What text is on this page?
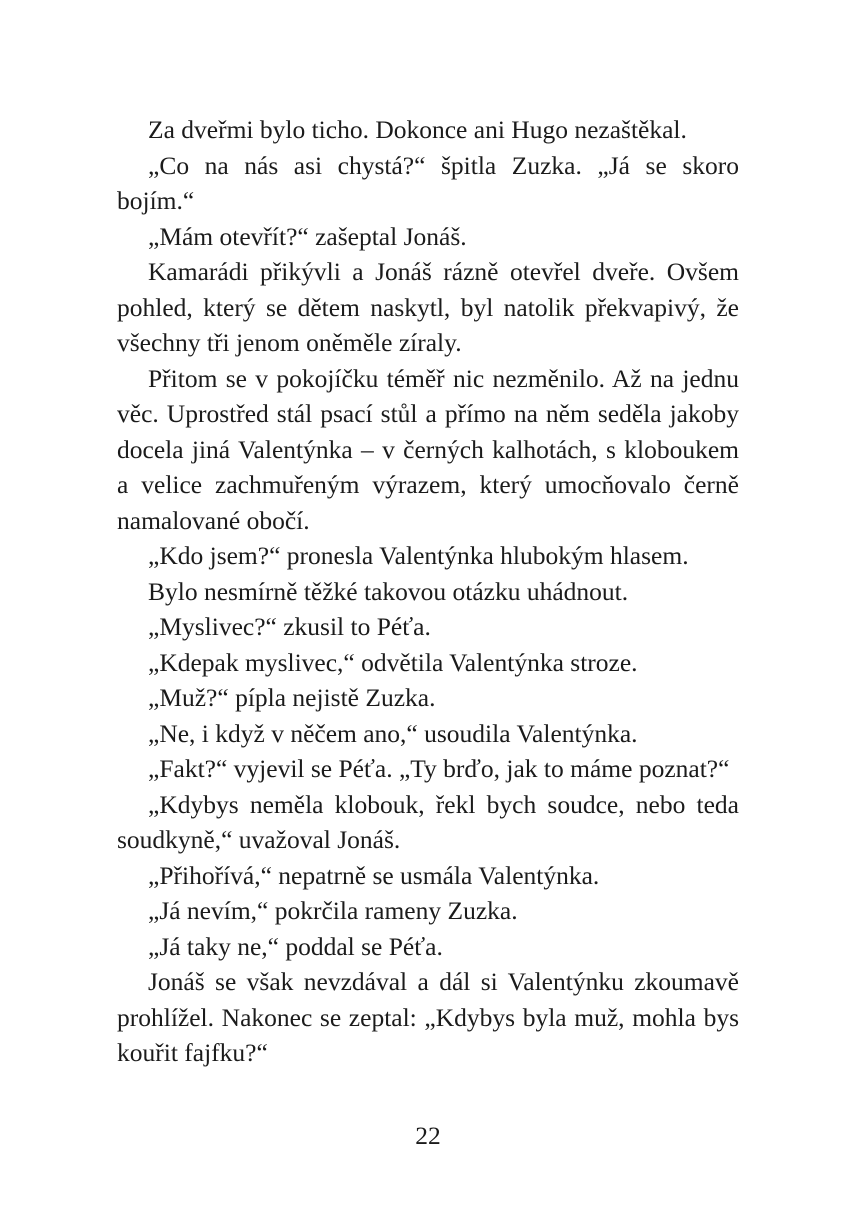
Za dveřmi bylo ticho. Dokonce ani Hugo nezaštěkal.

„Co na nás asi chystá?“ špitla Zuzka. „Já se skoro bojím.“

„Mám otevřít?“ zašeptal Jonáš.

Kamarádi přikývli a Jonáš rázně otevřel dveře. Ovšem pohled, který se dětem naskytl, byl natolik překvapivý, že všechny tři jenom oněměle zíraly.

Přitom se v pokojíčku téměř nic nezměnilo. Až na jednu věc. Uprostřed stál psací stůl a přímo na něm seděla jakoby docela jiná Valentýnka – v černých kalhotách, s kloboukem a velice zachmuřeným výrazem, který umocňovalo černě namalované obočí.

„Kdo jsem?“ pronesla Valentýnka hlubokým hlasem.

Bylo nesmírně těžké takovou otázku uhádnout.

„Myslivec?“ zkusil to Péťa.

„Kdepak myslivec,“ odvětila Valentýnka stroze.

„Muž?“ pípla nejistě Zuzka.

„Ne, i když v něčem ano,“ usoudila Valentýnka.

„Fakt?“ vyjevil se Péťa. „Ty brďo, jak to máme poznat?“

„Kdybys neměla klobouk, řekl bych soudce, nebo teda soudkyně,“ uvažoval Jonáš.

„Přihořívá,“ nepatrně se usmála Valentýnka.

„Já nevím,“ pokrčila rameny Zuzka.

„Já taky ne,“ poddal se Péťa.

Jonáš se však nevzdával a dál si Valentýnku zkoumavě prohlížel. Nakonec se zeptal: „Kdybys byla muž, mohla bys kouřit fajfku?“

22
